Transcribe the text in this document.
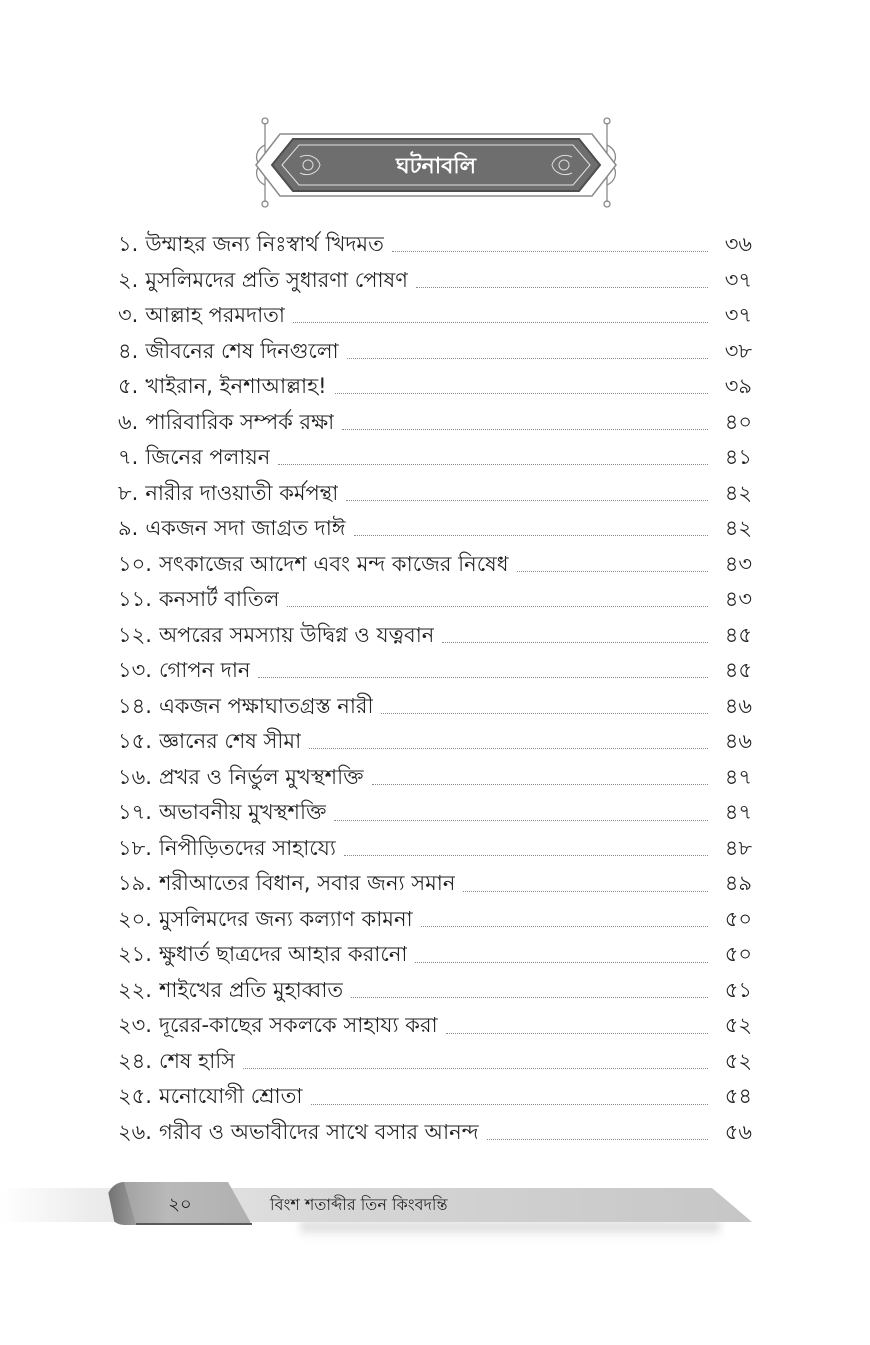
ঘটনাবলি
১. উম্মাহর জন্য নিঃস্বার্থ খিদমত	৩৬
২. মুসলিমদের প্রতি সুধারণা পোষণ	৩৭
৩. আল্লাহ পরমদাতা	৩৭
৪. জীবনের শেষ দিনগুলো	৩৮
৫. খাইরান, ইনশাআল্লাহ!	৩৯
৬. পারিবারিক সম্পর্ক রক্ষা	৪০
৭. জিনের পলায়ন	৪১
৮. নারীর দাওয়াতী কর্মপন্থা	৪২
৯. একজন সদা জাগ্রত দাঈ	৪২
১০. সৎকাজের আদেশ এবং মন্দ কাজের নিষেধ	৪৩
১১. কনসার্ট বাতিল	৪৩
১২. অপরের সমস্যায় উদ্বিগ্ন ও যত্নবান	৪৫
১৩. গোপন দান	৪৫
১৪. একজন পক্ষাঘাতগ্রস্ত নারী	৪৬
১৫. জ্ঞানের শেষ সীমা	৪৬
১৬. প্রখর ও নির্ভুল মুখস্থশক্তি	৪৭
১৭. অভাবনীয় মুখস্থশক্তি	৪৭
১৮. নিপীড়িতদের সাহায্যে	৪৮
১৯. শরীআতের বিধান, সবার জন্য সমান	৪৯
২০. মুসলিমদের জন্য কল্যাণ কামনা	৫০
২১. ক্ষুধার্ত ছাত্রদের আহার করানো	৫০
২২. শাইখের প্রতি মুহাব্বাত	৫১
২৩. দূরের-কাছের সকলকে সাহায্য করা	৫২
২৪. শেষ হাসি	৫২
২৫. মনোযোগী শ্রোতা	৫৪
২৬. গরীব ও অভাবীদের সাথে বসার আনন্দ	৫৬
২০	বিংশ শতাব্দীর তিন কিংবদন্তি
